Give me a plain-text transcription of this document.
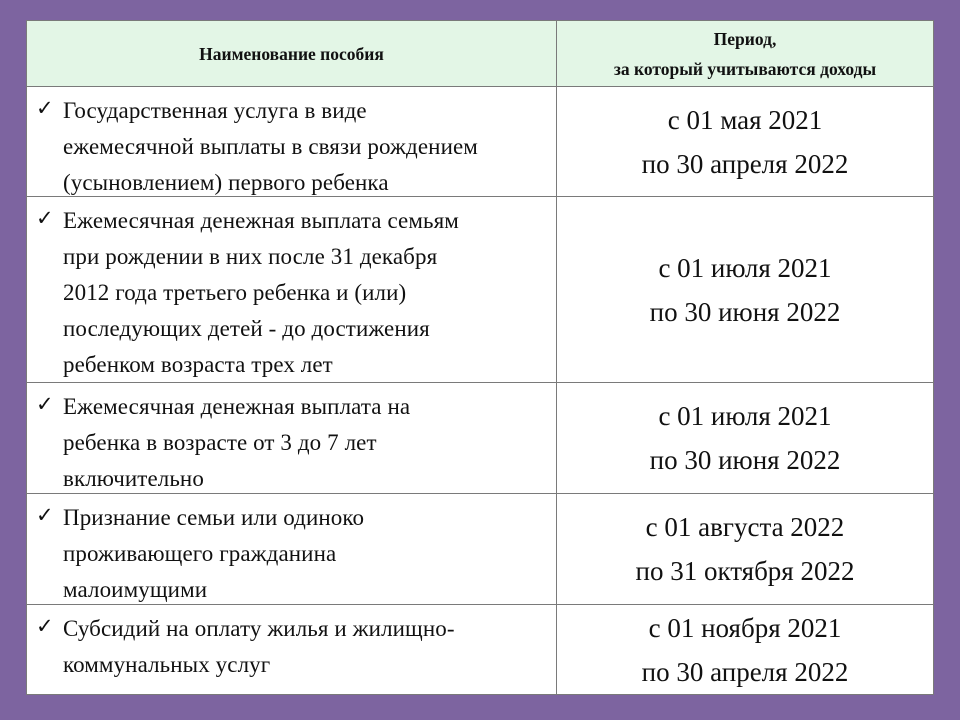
Наименование пособия
Период,
за который учитываются доходы
✓ Государственная услуга в виде
ежемесячной выплаты в связи рождением
(усыновлением) первого ребенка
с 01 мая 2021
по 30 апреля 2022
✓ Ежемесячная денежная выплата семьям
при рождении в них после 31 декабря
2012 года третьего ребенка и (или)
последующих детей - до достижения
ребенком возраста трех лет
с 01 июля 2021
по 30 июня 2022
✓ Ежемесячная денежная выплата на
ребенка в возрасте от 3 до 7 лет
включительно
с 01 июля 2021
по 30 июня 2022
✓ Признание семьи или одиноко
проживающего гражданина
малоимущими
с 01 августа 2022
по 31 октября 2022
✓ Субсидий на оплату жилья и жилищно-
коммунальных услуг
с 01 ноября 2021
по 30 апреля 2022
